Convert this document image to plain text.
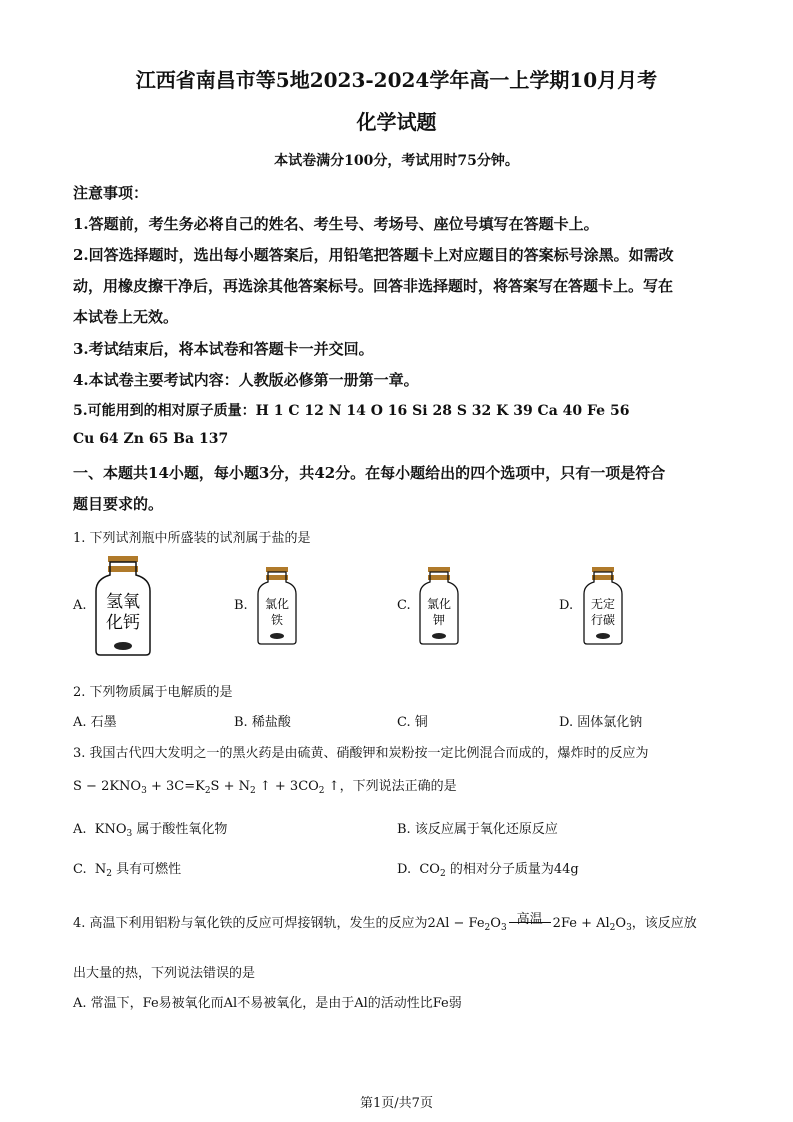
江西省南昌市等5地2023-2024学年高一上学期10月月考
化学试题
本试卷满分100分，考试用时75分钟。
注意事项：
1.答题前，考生务必将自己的姓名、考生号、考场号、座位号填写在答题卡上。
2.回答选择题时，选出每小题答案后，用铅笔把答题卡上对应题目的答案标号涂黑。如需改
动，用橡皮擦干净后，再选涂其他答案标号。回答非选择题时，将答案写在答题卡上。写在
本试卷上无效。
3.考试结束后，将本试卷和答题卡一并交回。
4.本试卷主要考试内容：人教版必修第一册第一章。
5.可能用到的相对原子质量：H 1 C 12 N 14 O 16 Si 28 S 32 K 39 Ca 40 Fe 56
Cu 64 Zn 65 Ba 137
一、本题共14小题，每小题3分，共42分。在每小题给出的四个选项中，只有一项是符合
题目要求的。
1. 下列试剂瓶中所盛装的试剂属于盐的是
A. 氢氧
化钙
B. 氯化
铁
C. 氯化
钾
D. 无定
行碳
2. 下列物质属于电解质的是
A. 石墨	B. 稀盐酸	C. 铜	D. 固体氯化钠
3. 我国古代四大发明之一的黑火药是由硫黄、硝酸钾和炭粉按一定比例混合而成的，爆炸时的反应为
$S - 2KNO_3 + 3C=K_2S + N_2$ ↑ + $3CO_2$ ↑，下列说法正确的是
A. $KNO_3$ 属于酸性氧化物	B. 该反应属于氧化还原反应
C. $N_2$ 具有可燃性	D. $CO_2$ 的相对分子质量为44g
4. 高温下利用铝粉与氧化铁的反应可焊接钢轨，发生的反应为$2Al - Fe_2O_3$
高温 $2Fe + Al_2O_3$，该反应放
出大量的热，下列说法错误的是
A. 常温下，Fe易被氧化而Al不易被氧化，是由于Al的活动性比Fe弱
第1页/共7页
